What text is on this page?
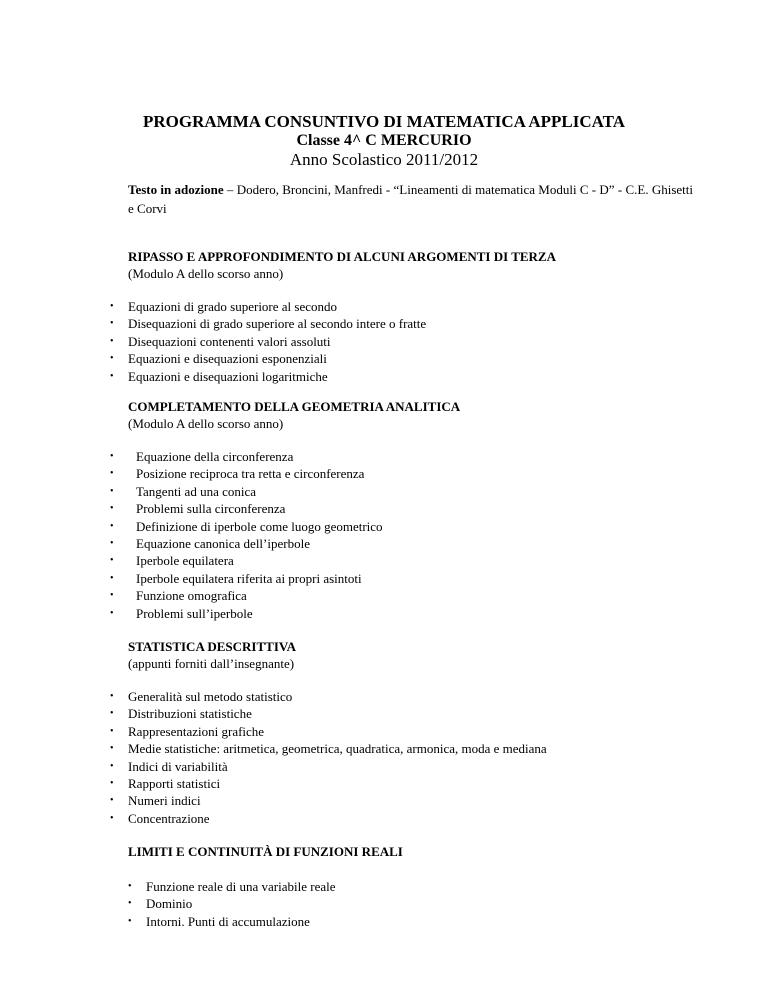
PROGRAMMA CONSUNTIVO DI MATEMATICA APPLICATA

Classe 4^ C MERCURIO

Anno Scolastico 2011/2012

Testo in adozione – Dodero, Broncini, Manfredi - “Lineamenti di matematica Moduli C - D” - C.E. Ghisetti e Corvi

RIPASSO E APPROFONDIMENTO DI ALCUNI ARGOMENTI DI TERZA

(Modulo A dello scorso anno)

• Equazioni di grado superiore al secondo
• Disequazioni di grado superiore al secondo intere o fratte
• Disequazioni contenenti valori assoluti
• Equazioni e disequazioni esponenziali
• Equazioni e disequazioni logaritmiche

COMPLETAMENTO DELLA GEOMETRIA ANALITICA

(Modulo A dello scorso anno)

• Equazione della circonferenza
• Posizione reciproca tra retta e circonferenza
• Tangenti ad una conica
• Problemi sulla circonferenza
• Definizione di iperbole come luogo geometrico
• Equazione canonica dell’iperbole
• Iperbole equilatera
• Iperbole equilatera riferita ai propri asintoti
• Funzione omografica
• Problemi sull’iperbole

STATISTICA DESCRITTIVA

(appunti forniti dall’insegnante)

• Generalità sul metodo statistico
• Distribuzioni statistiche
• Rappresentazioni grafiche
• Medie statistiche: aritmetica, geometrica, quadratica, armonica, moda e mediana
• Indici di variabilità
• Rapporti statistici
• Numeri indici
• Concentrazione

LIMITI E CONTINUITÀ DI FUNZIONI REALI

• Funzione reale di una variabile reale
• Dominio
• Intorni. Punti di accumulazione
